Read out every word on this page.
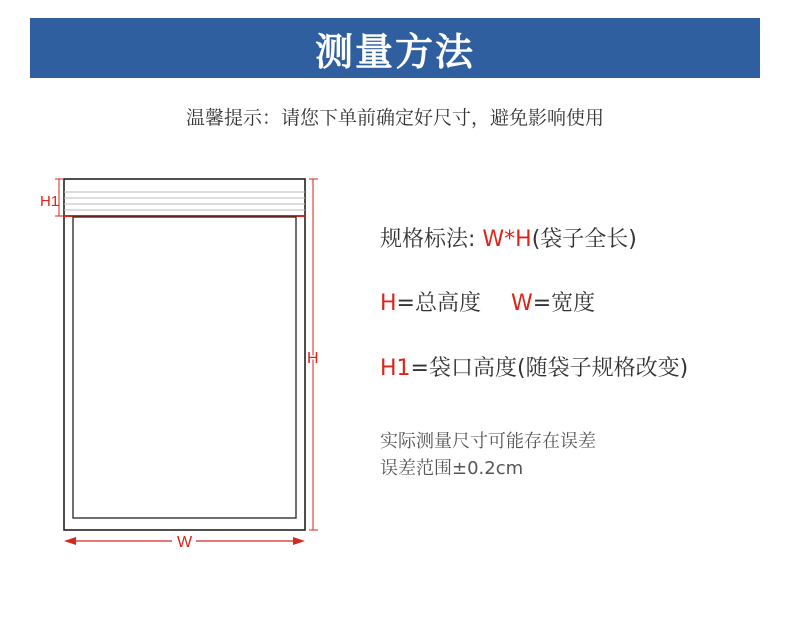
测量方法
温馨提示：请您下单前确定好尺寸，避免影响使用
H1
H
W
规格标法: W*H(袋子全长)
H=总高度 W=宽度
H1=袋口高度(随袋子规格改变)
实际测量尺寸可能存在误差
误差范围±0.2cm
